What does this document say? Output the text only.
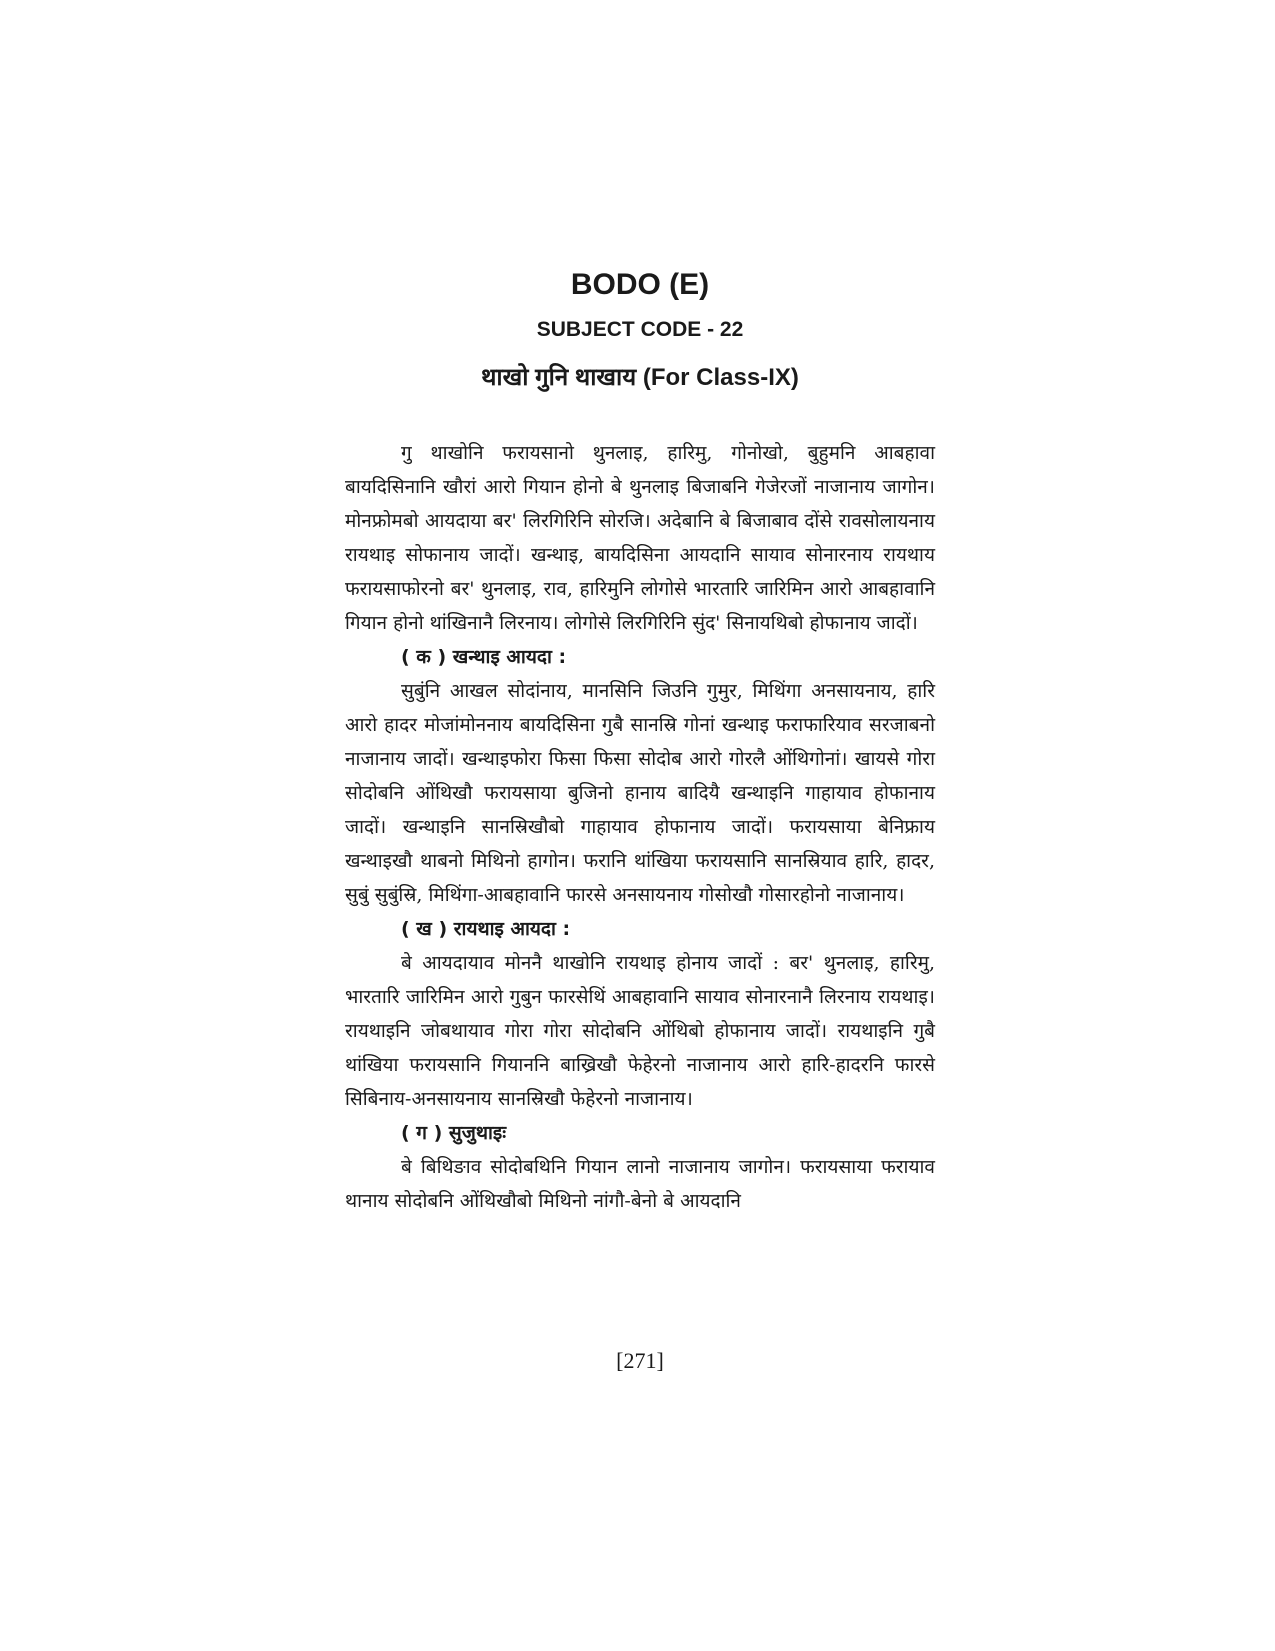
BODO (E)
SUBJECT CODE - 22
थाखो गुनि थाखाय (For Class-IX)

गु थाखोनि फरायसानो थुनलाइ, हारिमु, गोनोखो, बुहुमनि आबहावा बायदिसिनानि खौरां आरो गियान होनो बे थुनलाइ बिजाबनि गेजेरजों नाजानाय जागोन। मोनफ्रोमबो आयदाया बर' लिरगिरिनि सोरजि। अदेबानि बे बिजाबाव दोंसे रावसोलायनाय रायथाइ सोफानाय जादों। खन्थाइ, बायदिसिना आयदानि सायाव सोनारनाय रायथाय फरायसाफोरनो बर' थुनलाइ, राव, हारिमुनि लोगोसे भारतारि जारिमिन आरो आबहावानि गियान होनो थांखिनानै लिरनाय। लोगोसे लिरगिरिनि सुंद' सिनायथिबो होफानाय जादों।

( क ) खन्थाइ आयदा :

सुबुंनि आखल सोदांनाय, मानसिनि जिउनि गुमुर, मिथिंगा अनसायनाय, हारि आरो हादर मोजांमोननाय बायदिसिना गुबै सानस्रि गोनां खन्थाइ फराफारियाव सरजाबनो नाजानाय जादों। खन्थाइफोरा फिसा फिसा सोदोब आरो गोरलै ओंथिगोनां। खायसे गोरा सोदोबनि ओंथिखौ फरायसाया बुजिनो हानाय बादियै खन्थाइनि गाहायाव होफानाय जादों। खन्थाइनि सानस्रिखौबो गाहायाव होफानाय जादों। फरायसाया बेनिफ्राय खन्थाइखौ थाबनो मिथिनो हागोन। फरानि थांखिया फरायसानि सानस्रियाव हारि, हादर, सुबुं सुबुंस्रि, मिथिंगा-आबहावानि फारसे अनसायनाय गोसोखौ गोसारहोनो नाजानाय।

( ख ) रायथाइ आयदा :

बे आयदायाव मोननै थाखोनि रायथाइ होनाय जादों : बर' थुनलाइ, हारिमु, भारतारि जारिमिन आरो गुबुन फारसेथिं आबहावानि सायाव सोनारनानै लिरनाय रायथाइ। रायथाइनि जोबथायाव गोरा गोरा सोदोबनि ओंथिबो होफानाय जादों। रायथाइनि गुबै थांखिया फरायसानि गियाननि बाख्रिखौ फेहेरनो नाजानाय आरो हारि-हादरनि फारसे सिबिनाय-अनसायनाय सानस्रिखौ फेहेरनो नाजानाय।

( ग ) सुजुथाइः

बे बिथिङाव सोदोबथिनि गियान लानो नाजानाय जागोन। फरायसाया फरायाव थानाय सोदोबनि ओंथिखौबो मिथिनो नांगौ-बेनो बे आयदानि

[271]
